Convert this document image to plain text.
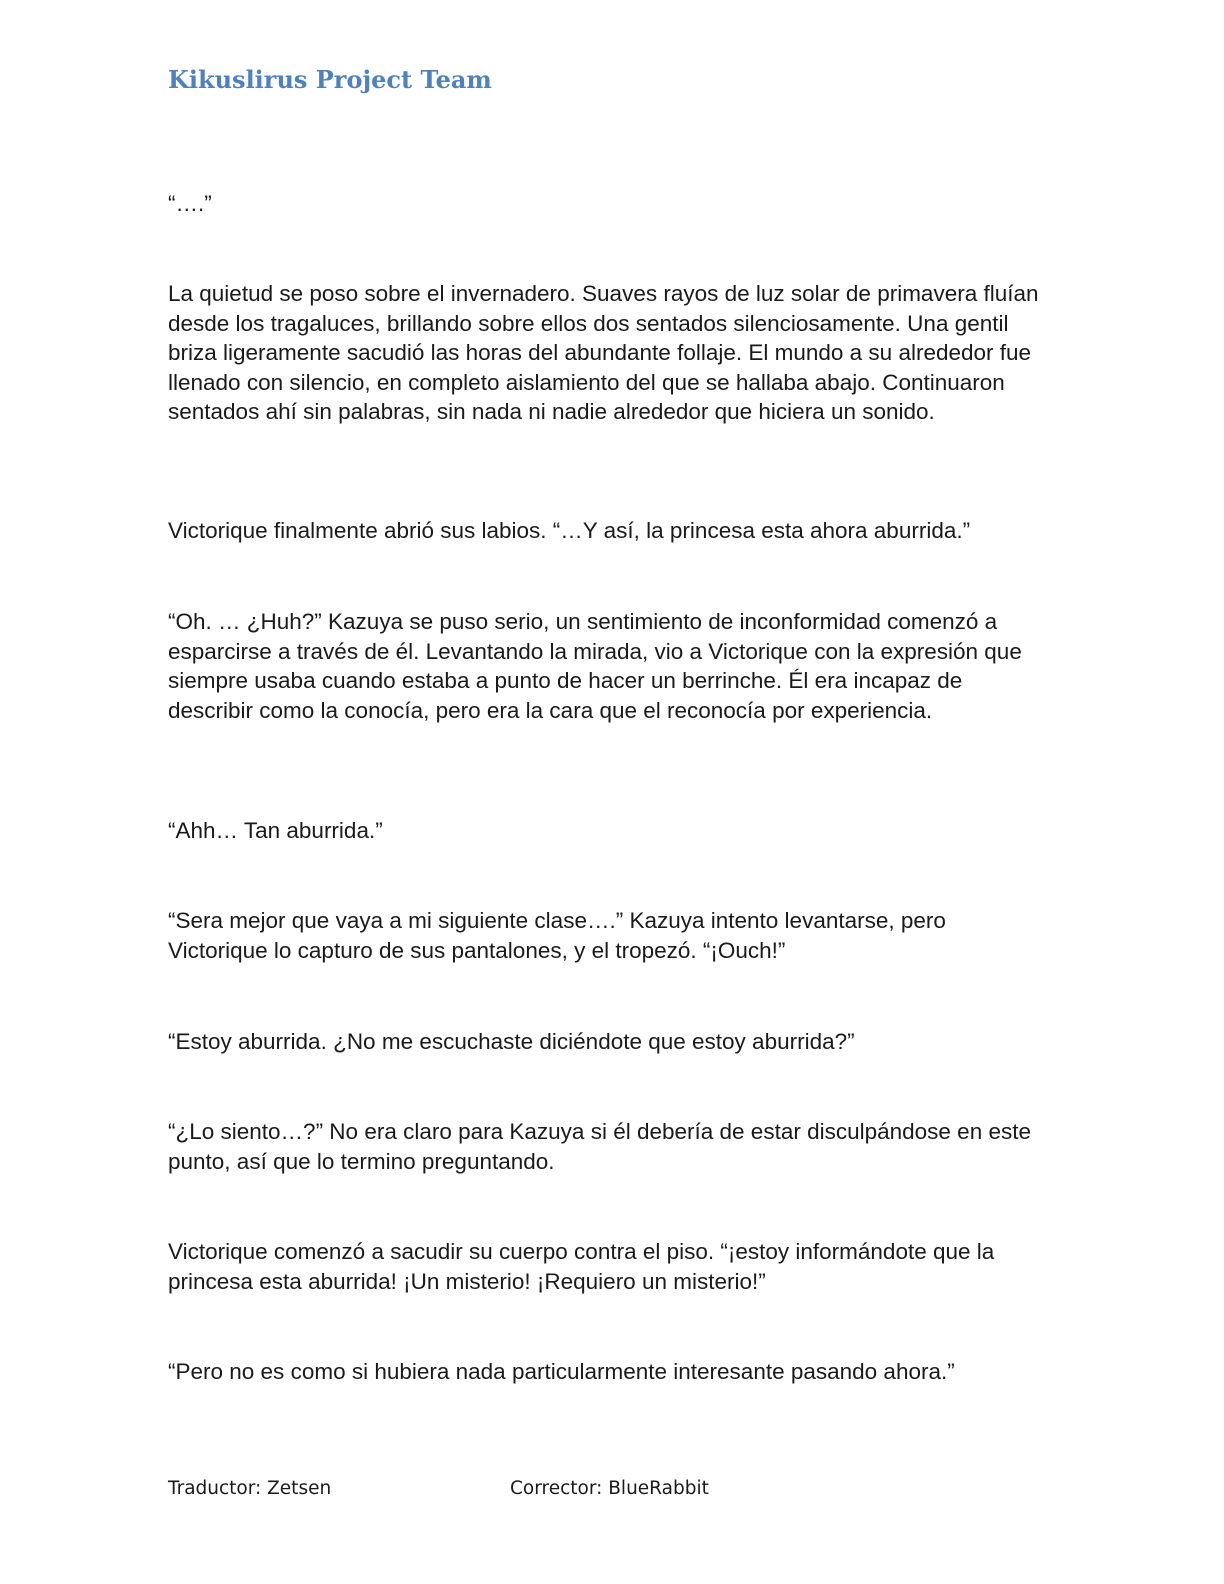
Kikuslirus Project Team

“….”

La quietud se poso sobre el invernadero. Suaves rayos de luz solar de primavera fluían desde los tragaluces, brillando sobre ellos dos sentados silenciosamente. Una gentil briza ligeramente sacudió las horas del abundante follaje. El mundo a su alrededor fue llenado con silencio, en completo aislamiento del que se hallaba abajo. Continuaron sentados ahí sin palabras, sin nada ni nadie alrededor que hiciera un sonido.

Victorique finalmente abrió sus labios. “…Y así, la princesa esta ahora aburrida.”

“Oh. … ¿Huh?” Kazuya se puso serio, un sentimiento de inconformidad comenzó a esparcirse a través de él. Levantando la mirada, vio a Victorique con la expresión que siempre usaba cuando estaba a punto de hacer un berrinche. Él era incapaz de describir como la conocía, pero era la cara que el reconocía por experiencia.

“Ahh… Tan aburrida.”

“Sera mejor que vaya a mi siguiente clase….” Kazuya intento levantarse, pero Victorique lo capturo de sus pantalones, y el tropezó. “¡Ouch!”

“Estoy aburrida. ¿No me escuchaste diciéndote que estoy aburrida?”

“¿Lo siento…?” No era claro para Kazuya si él debería de estar disculpándose en este punto, así que lo termino preguntando.

Victorique comenzó a sacudir su cuerpo contra el piso. “¡estoy informándote que la princesa esta aburrida! ¡Un misterio! ¡Requiero un misterio!”

“Pero no es como si hubiera nada particularmente interesante pasando ahora.”

Traductor: Zetsen	Corrector: BlueRabbit
